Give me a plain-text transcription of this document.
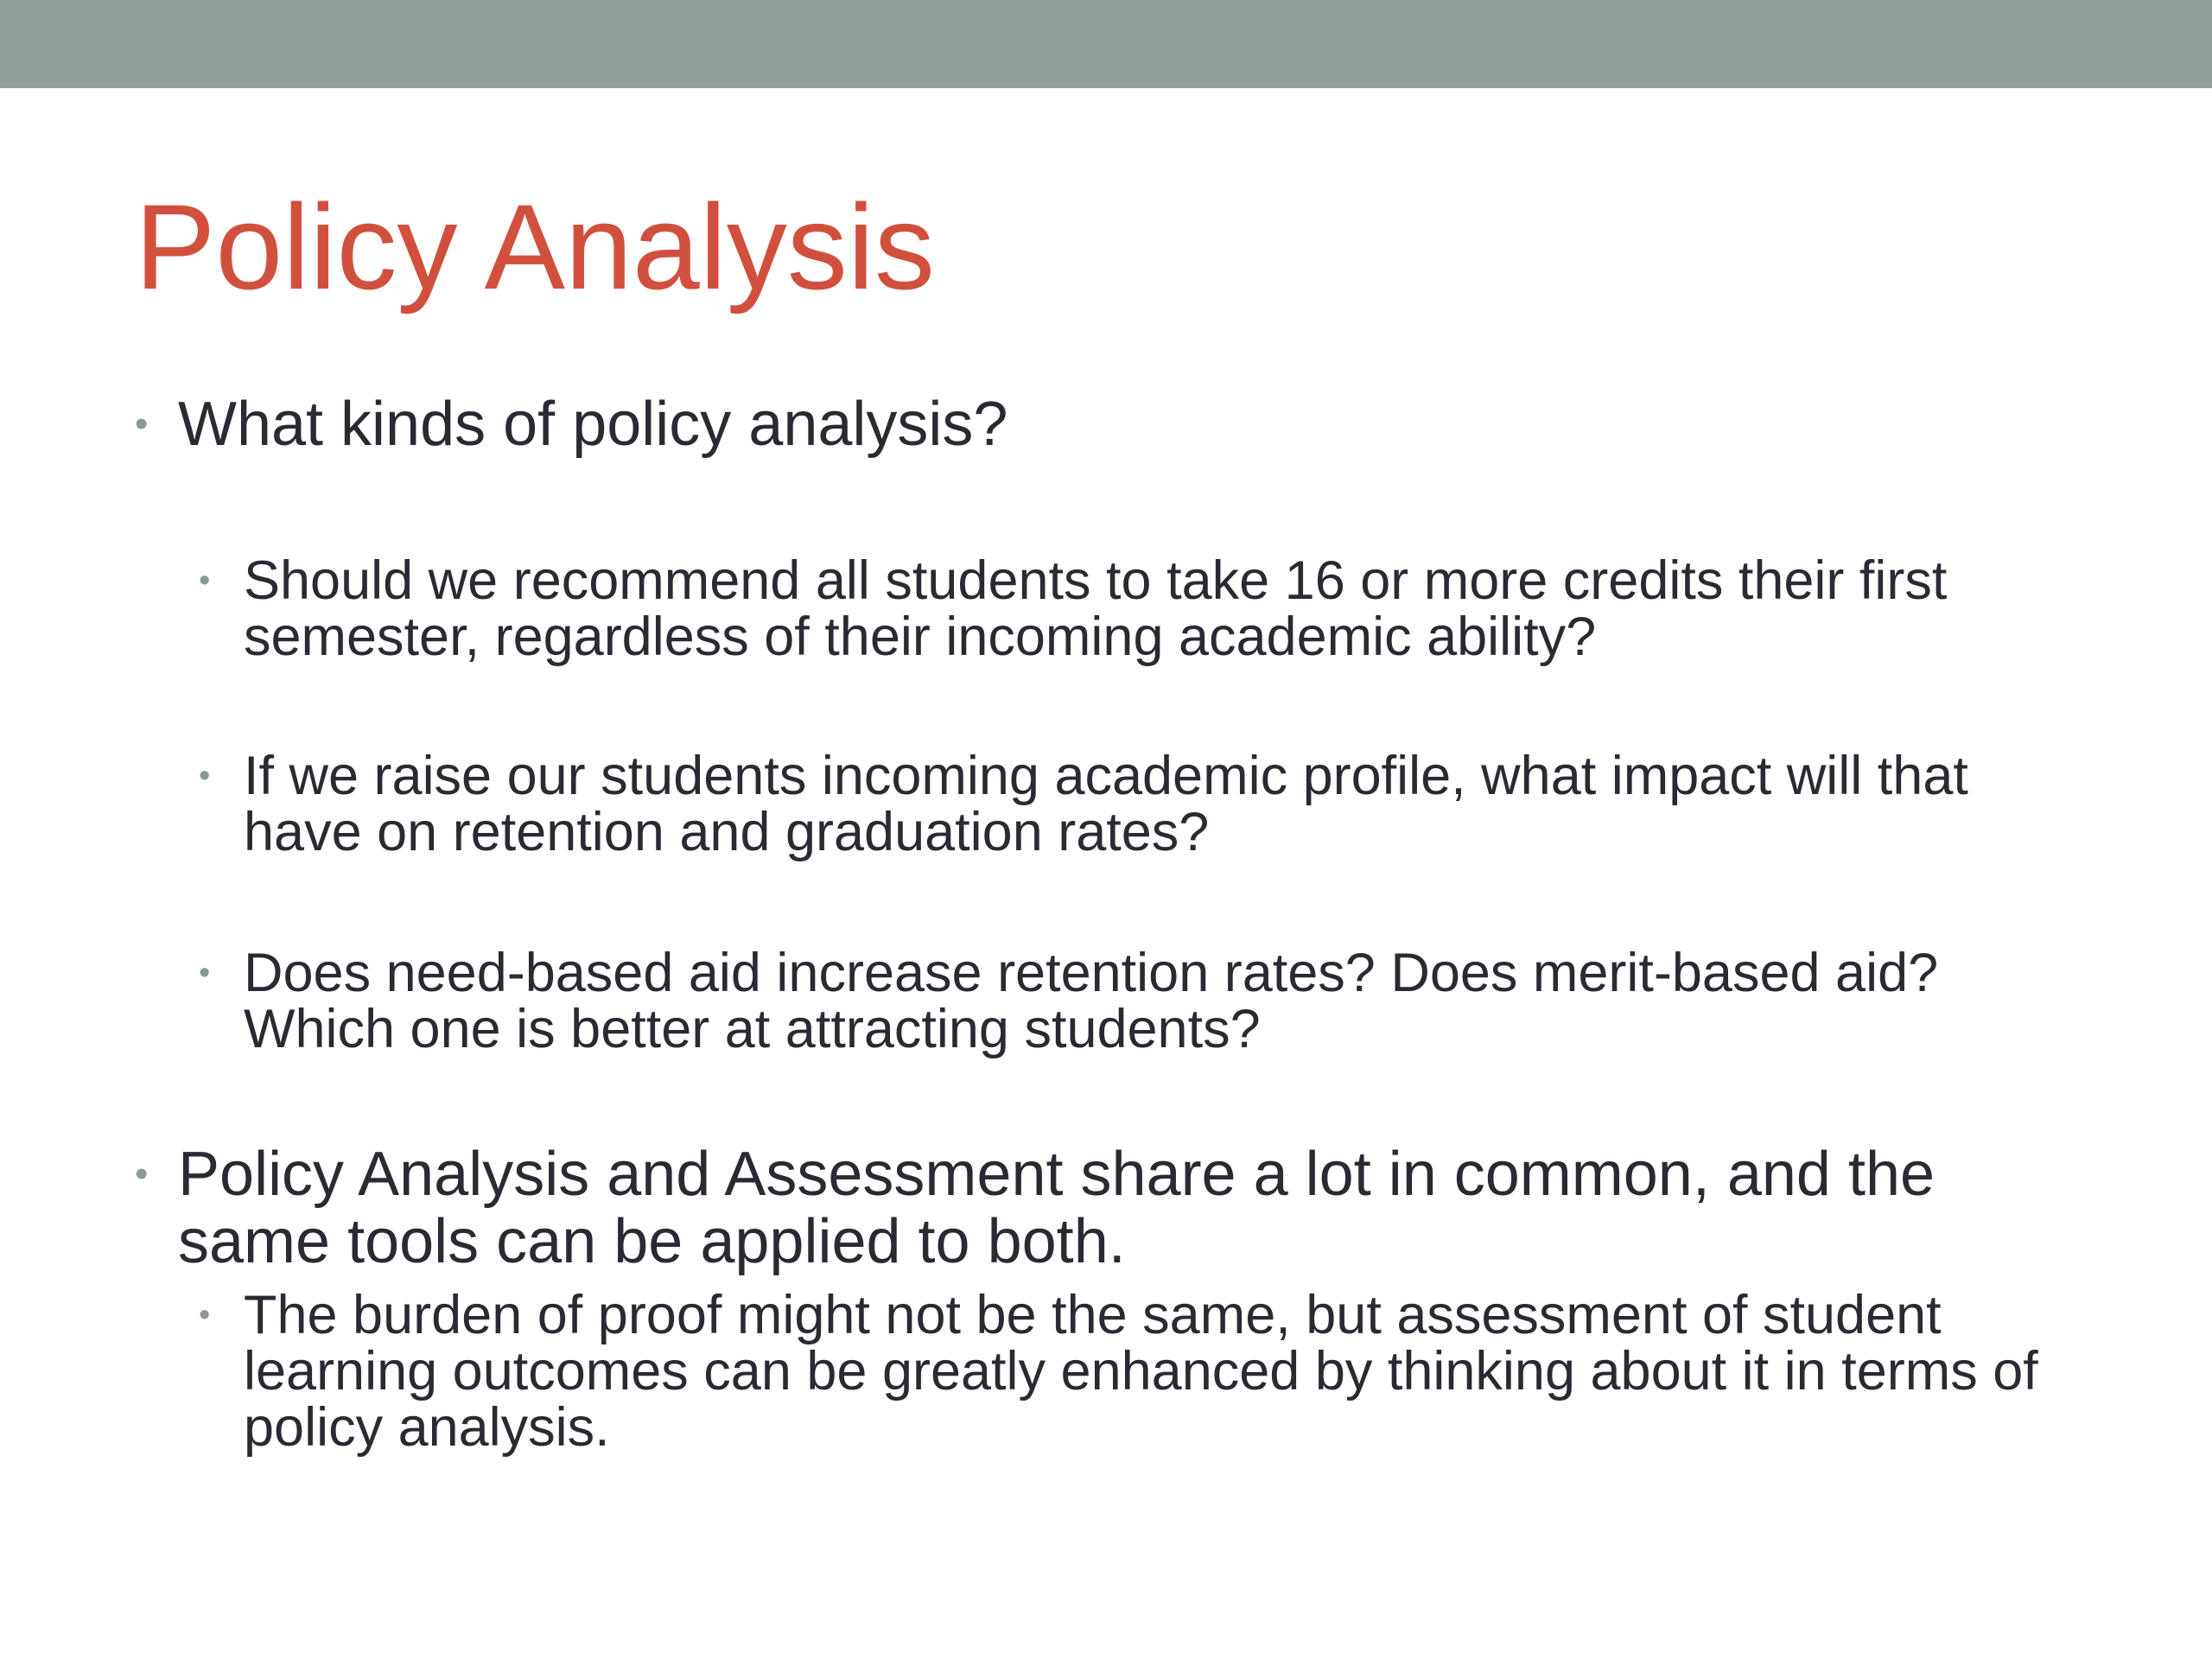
Policy Analysis
• What kinds of policy analysis?
• Should we recommend all students to take 16 or more credits their first semester, regardless of their incoming academic ability?
• If we raise our students incoming academic profile, what impact will that have on retention and graduation rates?
• Does need-based aid increase retention rates? Does merit-based aid? Which one is better at attracting students?
• Policy Analysis and Assessment share a lot in common, and the same tools can be applied to both.
• The burden of proof might not be the same, but assessment of student learning outcomes can be greatly enhanced by thinking about it in terms of policy analysis.
